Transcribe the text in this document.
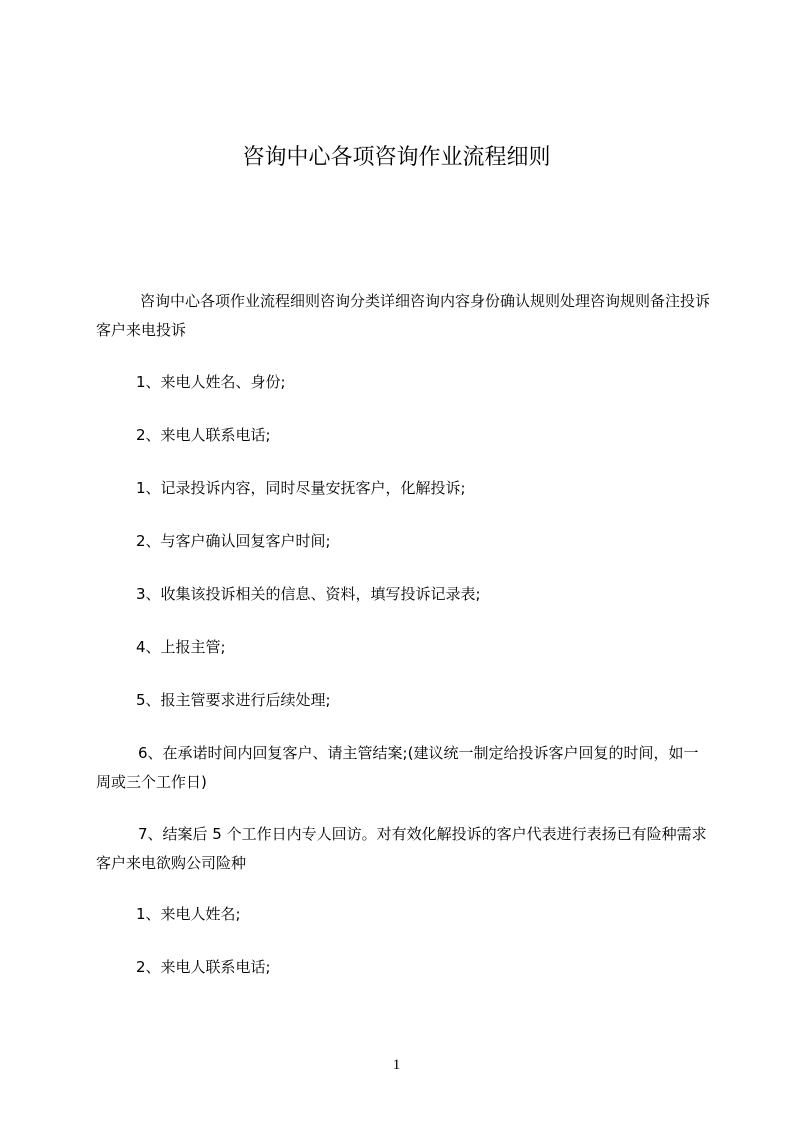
咨询中心各项咨询作业流程细则

咨询中心各项作业流程细则咨询分类详细咨询内容身份确认规则处理咨询规则备注投诉客户来电投诉

1、来电人姓名、身份;

2、来电人联系电话;

1、记录投诉内容，同时尽量安抚客户，化解投诉;

2、与客户确认回复客户时间;

3、收集该投诉相关的信息、资料，填写投诉记录表;

4、上报主管;

5、报主管要求进行后续处理;

6、在承诺时间内回复客户、请主管结案;(建议统一制定给投诉客户回复的时间，如一周或三个工作日)

7、结案后 5 个工作日内专人回访。对有效化解投诉的客户代表进行表扬已有险种需求客户来电欲购公司险种

1、来电人姓名;

2、来电人联系电话;

1
